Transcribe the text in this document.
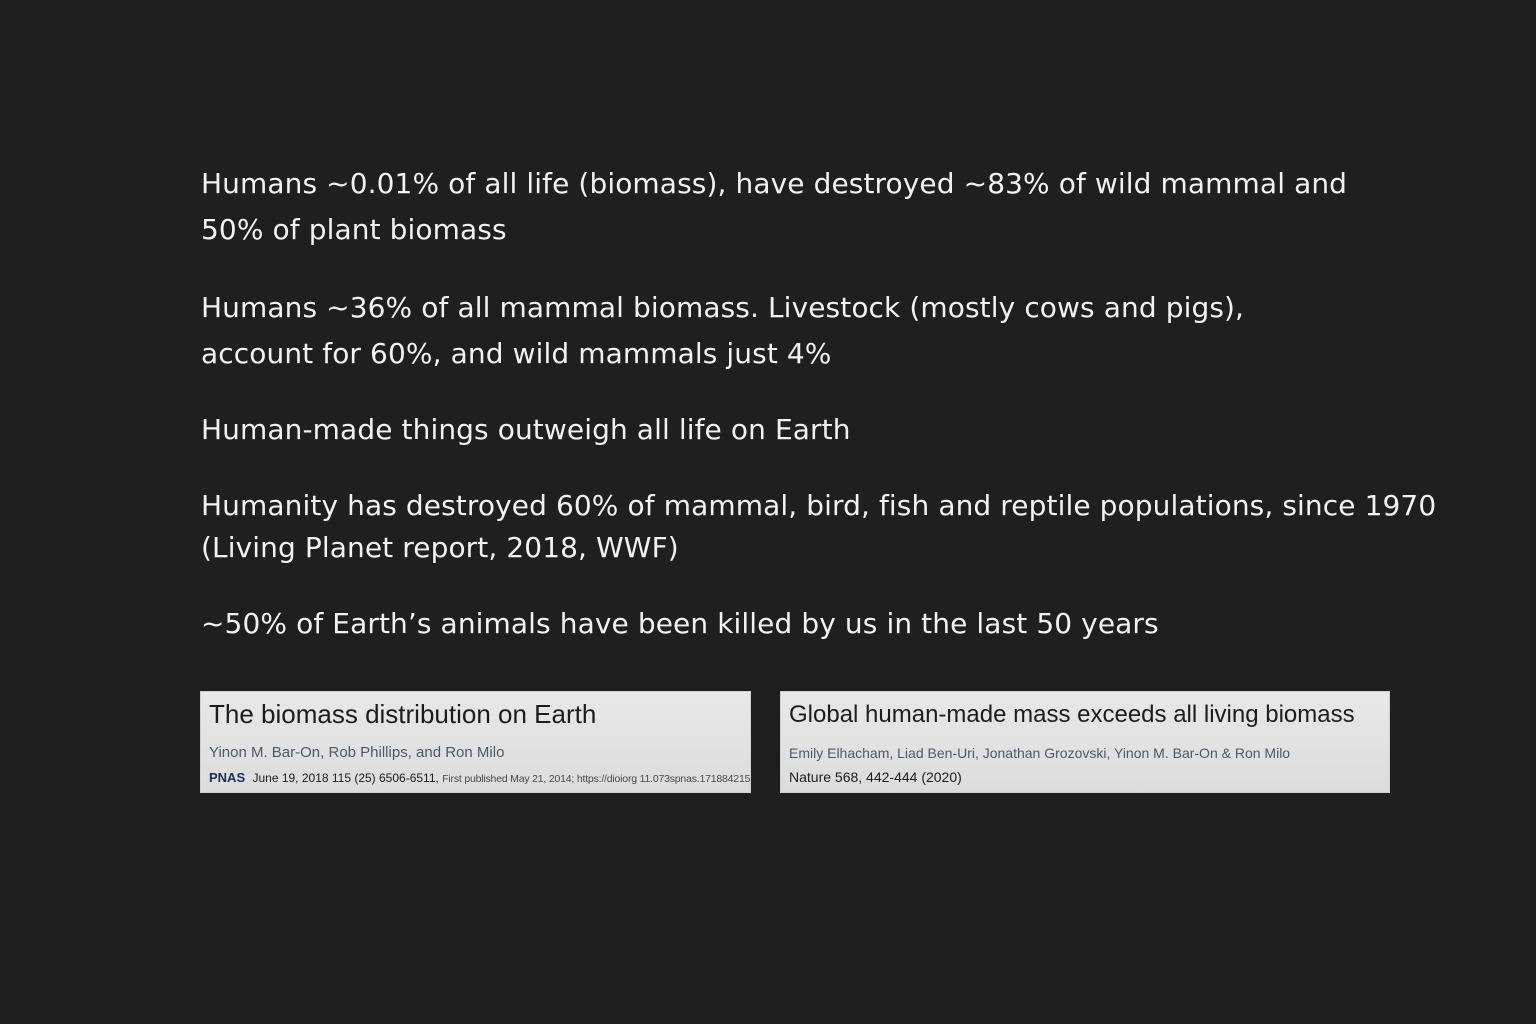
Humans ~0.01% of all life (biomass), have destroyed ~83% of wild mammal and
50% of plant biomass

Humans ~36% of all mammal biomass. Livestock (mostly cows and pigs),
account for 60%, and wild mammals just 4%

Human-made things outweigh all life on Earth

Humanity has destroyed 60% of mammal, bird, fish and reptile populations, since 1970
(Living Planet report, 2018, WWF)

~50% of Earth’s animals have been killed by us in the last 50 years

The biomass distribution on Earth
Yinon M. Bar-On, Rob Phillips, and Ron Milo
PNAS June 19, 2018 115 (25) 6506-6511, First published May 21, 2014; https://dioiorg 11.073spnas.171884215
Global human-made mass exceeds all living biomass
Emily Elhacham, Liad Ben-Uri, Jonathan Grozovski, Yinon M. Bar-On & Ron Milo
Nature 568, 442-444 (2020)
